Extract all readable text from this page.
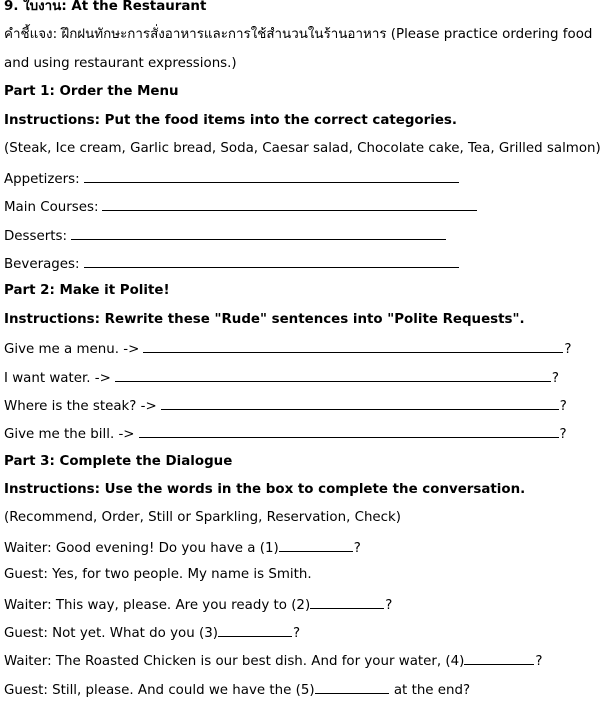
9. ใบงาน: At the Restaurant
คำชี้แจง: ฝึกฝนทักษะการสั่งอาหารและการใช้สำนวนในร้านอาหาร (Please practice ordering food
and using restaurant expressions.)
Part 1: Order the Menu
Instructions: Put the food items into the correct categories.
(Steak, Ice cream, Garlic bread, Soda, Caesar salad, Chocolate cake, Tea, Grilled salmon)
Appetizers:
Main Courses:
Desserts:
Beverages:
Part 2: Make it Polite!
Instructions: Rewrite these "Rude" sentences into "Polite Requests".
Give me a menu. ->	?
I want water. ->	?
Where is the steak? ->	?
Give me the bill. ->	?
Part 3: Complete the Dialogue
Instructions: Use the words in the box to complete the conversation.
(Recommend, Order, Still or Sparkling, Reservation, Check)
Waiter: Good evening! Do you have a (1)	?
Guest: Yes, for two people. My name is Smith.
Waiter: This way, please. Are you ready to (2)	?
Guest: Not yet. What do you (3)	?
Waiter: The Roasted Chicken is our best dish. And for your water, (4)	?
Guest: Still, please. And could we have the (5)	at the end?
